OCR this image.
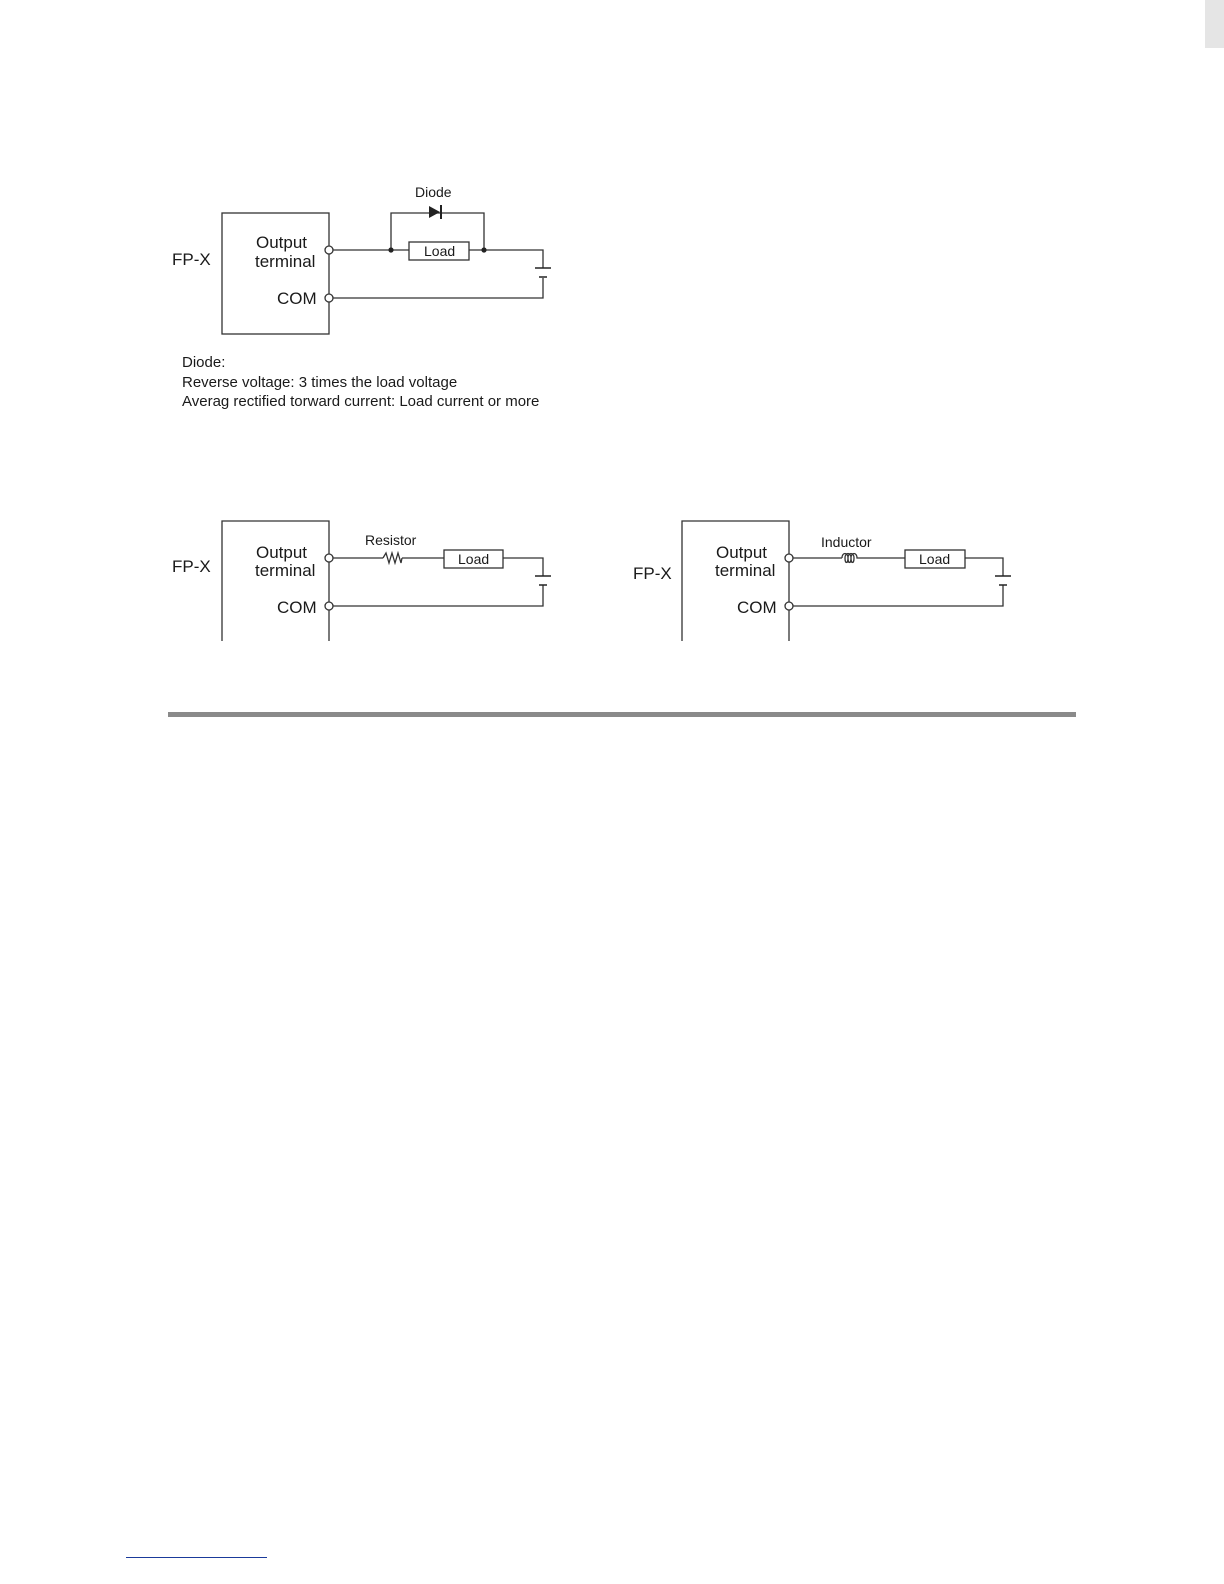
FP-X
Output
terminal
COM
Diode
Load
Diode:
Reverse voltage: 3 times the load voltage
Averag rectified torward current: Load current or more
FP-X
Output
terminal
COM
Resistor
Load
FP-X
Output
terminal
COM
Inductor
Load
